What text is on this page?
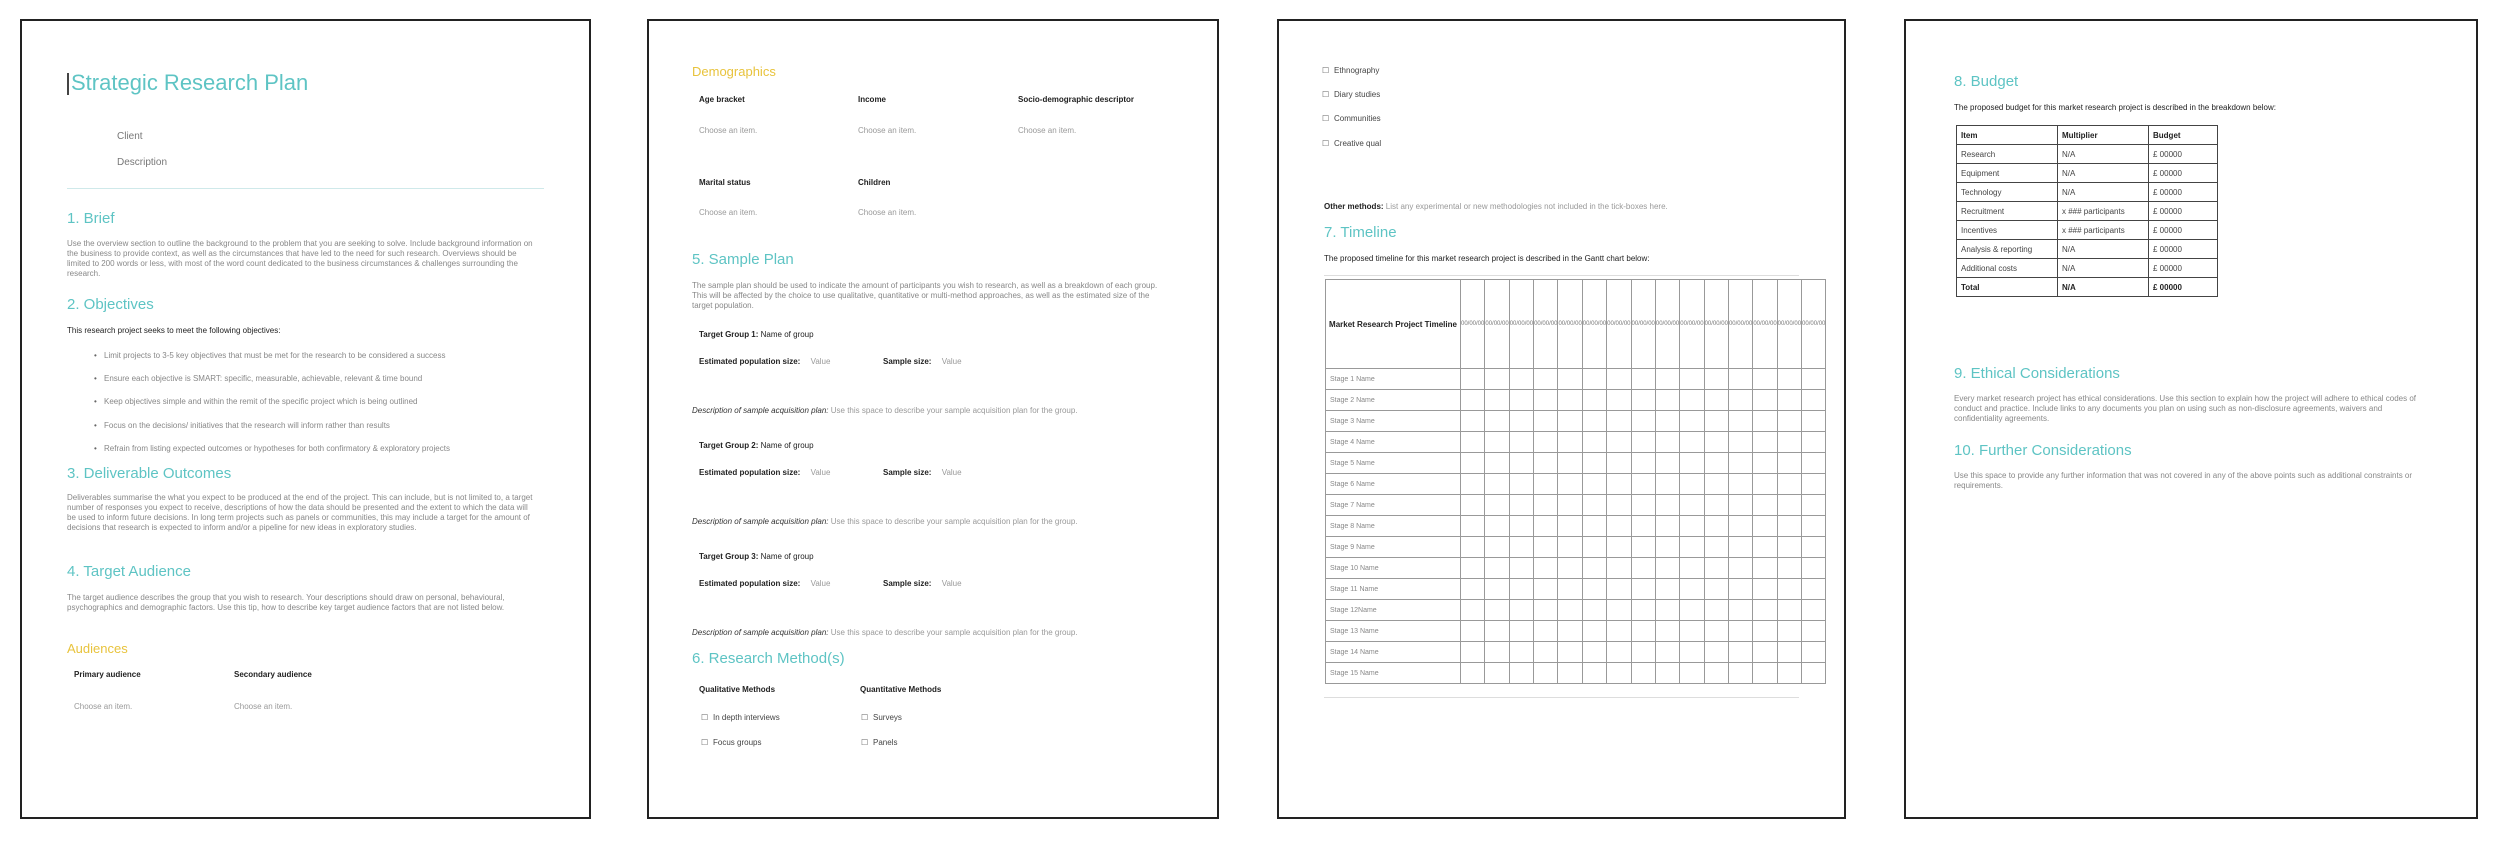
Strategic Research Plan
Client
Description
1. Brief
Use the overview section to outline the background to the problem that you are seeking to solve. Include background information on the business to provide context, as well as the circumstances that have led to the need for such research. Overviews should be limited to 200 words or less, with most of the word count dedicated to the business circumstances & challenges surrounding the research.
2. Objectives
This research project seeks to meet the following objectives:
• Limit projects to 3-5 key objectives that must be met for the research to be considered a success
• Ensure each objective is SMART: specific, measurable, achievable, relevant & time bound
• Keep objectives simple and within the remit of the specific project which is being outlined
• Focus on the decisions/ initiatives that the research will inform rather than results
• Refrain from listing expected outcomes or hypotheses for both confirmatory & exploratory projects
3. Deliverable Outcomes
Deliverables summarise the what you expect to be produced at the end of the project. This can include, but is not limited to, a target number of responses you expect to receive, descriptions of how the data should be presented and the extent to which the data will be used to inform future decisions. In long term projects such as panels or communities, this may include a target for the amount of decisions that research is expected to inform and/or a pipeline for new ideas in exploratory studies.
4. Target Audience
The target audience describes the group that you wish to research. Your descriptions should draw on personal, behavioural, psychographics and demographic factors. Use this tip, how to describe key target audience factors that are not listed below.
Audiences
Primary audience	Secondary audience
Choose an item.	Choose an item.
Demographics
Age bracket	Income	Socio-demographic descriptor
Choose an item.	Choose an item.	Choose an item.
Marital status	Children
Choose an item.	Choose an item.
5. Sample Plan
The sample plan should be used to indicate the amount of participants you wish to research, as well as a breakdown of each group. This will be affected by the choice to use qualitative, quantitative or multi-method approaches, as well as the estimated size of the target population.
Target Group 1: Name of group
Estimated population size: Value	Sample size: Value
Description of sample acquisition plan: Use this space to describe your sample acquisition plan for the group.
Target Group 2: Name of group
Estimated population size: Value	Sample size: Value
Description of sample acquisition plan: Use this space to describe your sample acquisition plan for the group.
Target Group 3: Name of group
Estimated population size: Value	Sample size: Value
Description of sample acquisition plan: Use this space to describe your sample acquisition plan for the group.
6. Research Method(s)
Qualitative Methods	Quantitative Methods
☐ In depth interviews
☐ Focus groups
☐ Surveys
☐ Panels
☐ Ethnography
☐ Diary studies
☐ Communities
☐ Creative qual
Other methods: List any experimental or new methodologies not included in the tick-boxes here.
7. Timeline
The proposed timeline for this market research project is described in the Gantt chart below:
Market Research Project Timeline	00/00/00	00/00/00	00/00/00	00/00/00	00/00/00	00/00/00	00/00/00	00/00/00	00/00/00	00/00/00	00/00/00	00/00/00	00/00/00	00/00/00	00/00/00
Stage 1 Name															
Stage 2 Name															
Stage 3 Name															
Stage 4 Name															
Stage 5 Name															
Stage 6 Name															
Stage 7 Name															
Stage 8 Name															
Stage 9 Name															
Stage 10 Name															
Stage 11 Name															
Stage 12Name															
Stage 13 Name															
Stage 14 Name															
Stage 15 Name															
8. Budget
The proposed budget for this market research project is described in the breakdown below:
Item	Multiplier	Budget
Research	N/A	£ 00000
Equipment	N/A	£ 00000
Technology	N/A	£ 00000
Recruitment	x ### participants	£ 00000
Incentives	x ### participants	£ 00000
Analysis & reporting	N/A	£ 00000
Additional costs	N/A	£ 00000
Total	N/A	£ 00000
9. Ethical Considerations
Every market research project has ethical considerations. Use this section to explain how the project will adhere to ethical codes of conduct and practice. Include links to any documents you plan on using such as non-disclosure agreements, waivers and confidentiality agreements.
10. Further Considerations
Use this space to provide any further information that was not covered in any of the above points such as additional constraints or requirements.
